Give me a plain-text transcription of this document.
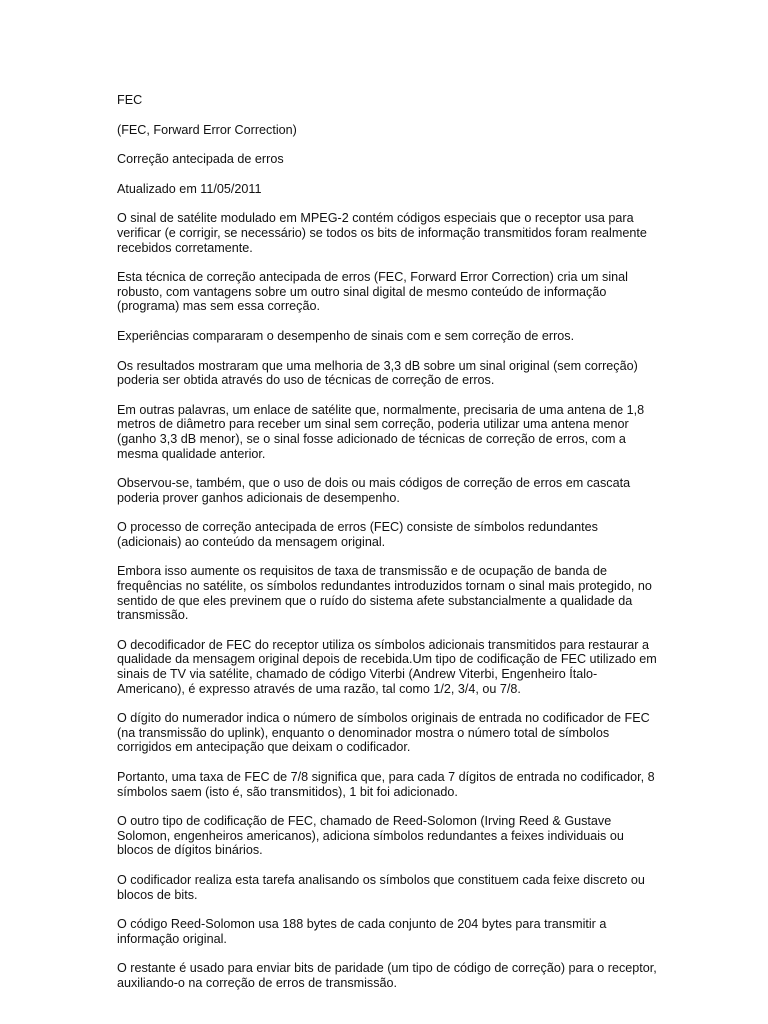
FEC

(FEC, Forward Error Correction)

Correção antecipada de erros

Atualizado em 11/05/2011

O sinal de satélite modulado em MPEG-2 contém códigos especiais que o receptor usa para verificar (e corrigir, se necessário) se todos os bits de informação transmitidos foram realmente recebidos corretamente.

Esta técnica de correção antecipada de erros (FEC, Forward Error Correction) cria um sinal robusto, com vantagens sobre um outro sinal digital de mesmo conteúdo de informação (programa) mas sem essa correção.

Experiências compararam o desempenho de sinais com e sem correção de erros.

Os resultados mostraram que uma melhoria de 3,3 dB sobre um sinal original (sem correção) poderia ser obtida através do uso de técnicas de correção de erros.

Em outras palavras, um enlace de satélite que, normalmente, precisaria de uma antena de 1,8 metros de diâmetro para receber um sinal sem correção, poderia utilizar uma antena menor (ganho 3,3 dB menor), se o sinal fosse adicionado de técnicas de correção de erros, com a mesma qualidade anterior.

Observou-se, também, que o uso de dois ou mais códigos de correção de erros em cascata poderia prover ganhos adicionais de desempenho.

O processo de correção antecipada de erros (FEC) consiste de símbolos redundantes (adicionais) ao conteúdo da mensagem original.

Embora isso aumente os requisitos de taxa de transmissão e de ocupação de banda de frequências no satélite, os símbolos redundantes introduzidos tornam o sinal mais protegido, no sentido de que eles previnem que o ruído do sistema afete substancialmente a qualidade da transmissão.

O decodificador de FEC do receptor utiliza os símbolos adicionais transmitidos para restaurar a qualidade da mensagem original depois de recebida.Um tipo de codificação de FEC utilizado em sinais de TV via satélite, chamado de código Viterbi (Andrew Viterbi, Engenheiro Ítalo-Americano), é expresso através de uma razão, tal como 1/2, 3/4, ou 7/8.

O dígito do numerador indica o número de símbolos originais de entrada no codificador de FEC (na transmissão do uplink), enquanto o denominador mostra o número total de símbolos corrigidos em antecipação que deixam o codificador.

Portanto, uma taxa de FEC de 7/8 significa que, para cada 7 dígitos de entrada no codificador, 8 símbolos saem (isto é, são transmitidos), 1 bit foi adicionado.

O outro tipo de codificação de FEC, chamado de Reed-Solomon (Irving Reed & Gustave Solomon, engenheiros americanos), adiciona símbolos redundantes a feixes individuais ou blocos de dígitos binários.

O codificador realiza esta tarefa analisando os símbolos que constituem cada feixe discreto ou blocos de bits.

O código Reed-Solomon usa 188 bytes de cada conjunto de 204 bytes para transmitir a informação original.

O restante é usado para enviar bits de paridade (um tipo de código de correção) para o receptor, auxiliando-o na correção de erros de transmissão.
